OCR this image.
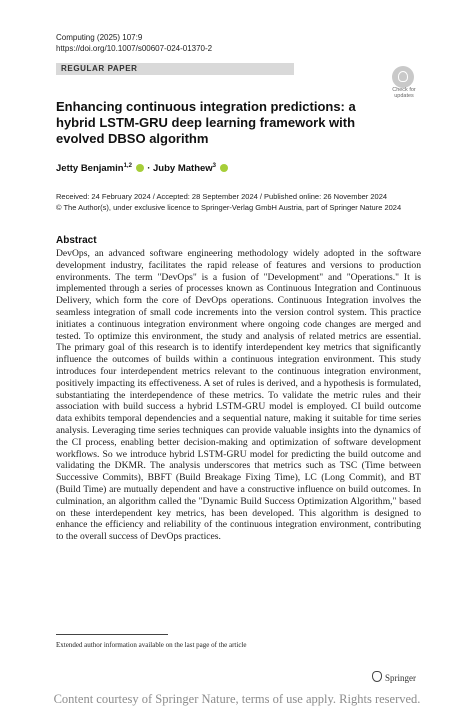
Computing (2025) 107:9
https://doi.org/10.1007/s00607-024-01370-2
REGULAR PAPER
Check for updates
Enhancing continuous integration predictions: a hybrid LSTM-GRU deep learning framework with evolved DBSO algorithm
Jetty Benjamin$^{1,2}$ · Juby Mathew$^3$
Received: 24 February 2024 / Accepted: 28 September 2024 / Published online: 26 November 2024
© The Author(s), under exclusive licence to Springer-Verlag GmbH Austria, part of Springer Nature 2024
Abstract
DevOps, an advanced software engineering methodology widely adopted in the software development industry, facilitates the rapid release of features and versions to production environments. The term "DevOps" is a fusion of "Development" and "Operations." It is implemented through a series of processes known as Continuous Integration and Continuous Delivery, which form the core of DevOps operations. Continuous Integration involves the seamless integration of small code increments into the version control system. This practice initiates a continuous integration environment where ongoing code changes are merged and tested. To optimize this environment, the study and analysis of related metrics are essential. The primary goal of this research is to identify interdependent key metrics that significantly influence the outcomes of builds within a continuous integration environment. This study introduces four interdependent metrics relevant to the continuous integration environment, positively impacting its effectiveness. A set of rules is derived, and a hypothesis is formulated, substantiating the interdependence of these metrics. To validate the metric rules and their association with build success a hybrid LSTM-GRU model is employed. CI build outcome data exhibits temporal dependencies and a sequential nature, making it suitable for time series analysis. Leveraging time series techniques can provide valuable insights into the dynamics of the CI process, enabling better decision-making and optimization of software development workflows. So we introduce hybrid LSTM-GRU model for predicting the build outcome and validating the DKMR. The analysis underscores that metrics such as TSC (Time between Successive Commits), BBFT (Build Breakage Fixing Time), LC (Long Commit), and BT (Build Time) are mutually dependent and have a constructive influence on build outcomes. In culmination, an algorithm called the "Dynamic Build Success Optimization Algorithm," based on these interdependent key metrics, has been developed. This algorithm is designed to enhance the efficiency and reliability of the continuous integration environment, contributing to the overall success of DevOps practices.
Extended author information available on the last page of the article
Springer
Content courtesy of Springer Nature, terms of use apply. Rights reserved.
